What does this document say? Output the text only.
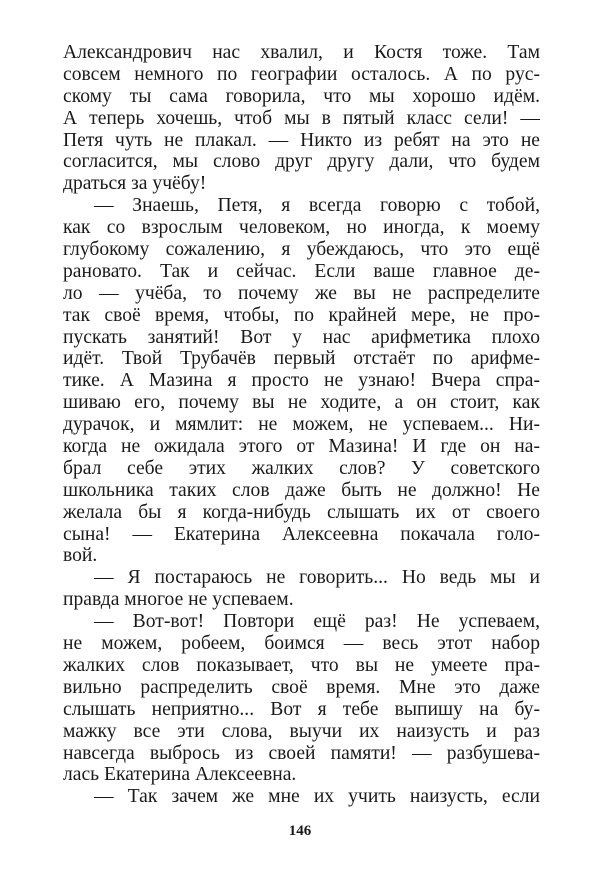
Александрович нас хвалил, и Костя тоже. Там
совсем немного по географии осталось. А по рус-
скому ты сама говорила, что мы хорошо идём.
А теперь хочешь, чтоб мы в пятый класс сели! —
Петя чуть не плакал. — Никто из ребят на это не
согласится, мы слово друг другу дали, что будем
драться за учёбу!
— Знаешь, Петя, я всегда говорю с тобой,
как со взрослым человеком, но иногда, к моему
глубокому сожалению, я убеждаюсь, что это ещё
рановато. Так и сейчас. Если ваше главное де-
ло — учёба, то почему же вы не распределите
так своё время, чтобы, по крайней мере, не про-
пускать занятий! Вот у нас арифметика плохо
идёт. Твой Трубачёв первый отстаёт по арифме-
тике. А Мазина я просто не узнаю! Вчера спра-
шиваю его, почему вы не ходите, а он стоит, как
дурачок, и мямлит: не можем, не успеваем... Ни-
когда не ожидала этого от Мазина! И где он на-
брал себе этих жалких слов? У советского
школьника таких слов даже быть не должно! Не
желала бы я когда-нибудь слышать их от своего
сына! — Екатерина Алексеевна покачала голо-
вой.
— Я постараюсь не говорить... Но ведь мы и
правда многое не успеваем.
— Вот-вот! Повтори ещё раз! Не успеваем,
не можем, робеем, боимся — весь этот набор
жалких слов показывает, что вы не умеете пра-
вильно распределить своё время. Мне это даже
слышать неприятно... Вот я тебе выпишу на бу-
мажку все эти слова, выучи их наизусть и раз
навсегда выбрось из своей памяти! — разбушева-
лась Екатерина Алексеевна.
— Так зачем же мне их учить наизусть, если
146
